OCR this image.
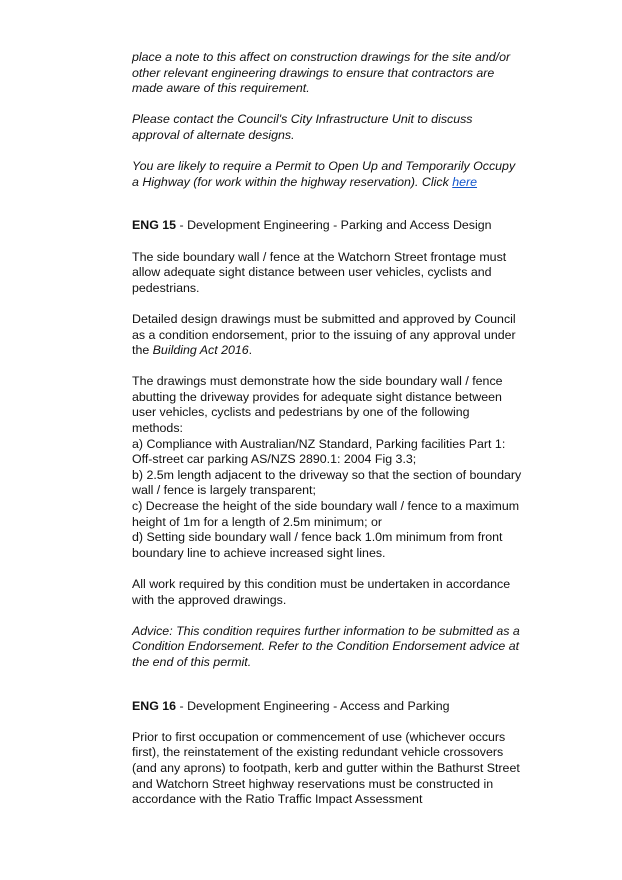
place a note to this affect on construction drawings for the site and/or other relevant engineering drawings to ensure that contractors are made aware of this requirement.

Please contact the Council's City Infrastructure Unit to discuss approval of alternate designs.

You are likely to require a Permit to Open Up and Temporarily Occupy a Highway (for work within the highway reservation). Click here

ENG 15 - Development Engineering - Parking and Access Design

The side boundary wall / fence at the Watchorn Street frontage must allow adequate sight distance between user vehicles, cyclists and pedestrians.

Detailed design drawings must be submitted and approved by Council as a condition endorsement, prior to the issuing of any approval under the Building Act 2016.

The drawings must demonstrate how the side boundary wall / fence abutting the driveway provides for adequate sight distance between user vehicles, cyclists and pedestrians by one of the following methods:
a) Compliance with Australian/NZ Standard, Parking facilities Part 1: Off-street car parking AS/NZS 2890.1: 2004 Fig 3.3;
b) 2.5m length adjacent to the driveway so that the section of boundary wall / fence is largely transparent;
c) Decrease the height of the side boundary wall / fence to a maximum height of 1m for a length of 2.5m minimum; or
d) Setting side boundary wall / fence back 1.0m minimum from front boundary line to achieve increased sight lines.

All work required by this condition must be undertaken in accordance with the approved drawings.

Advice: This condition requires further information to be submitted as a Condition Endorsement. Refer to the Condition Endorsement advice at the end of this permit.

ENG 16 - Development Engineering - Access and Parking

Prior to first occupation or commencement of use (whichever occurs first), the reinstatement of the existing redundant vehicle crossovers (and any aprons) to footpath, kerb and gutter within the Bathurst Street and Watchorn Street highway reservations must be constructed in accordance with the Ratio Traffic Impact Assessment
